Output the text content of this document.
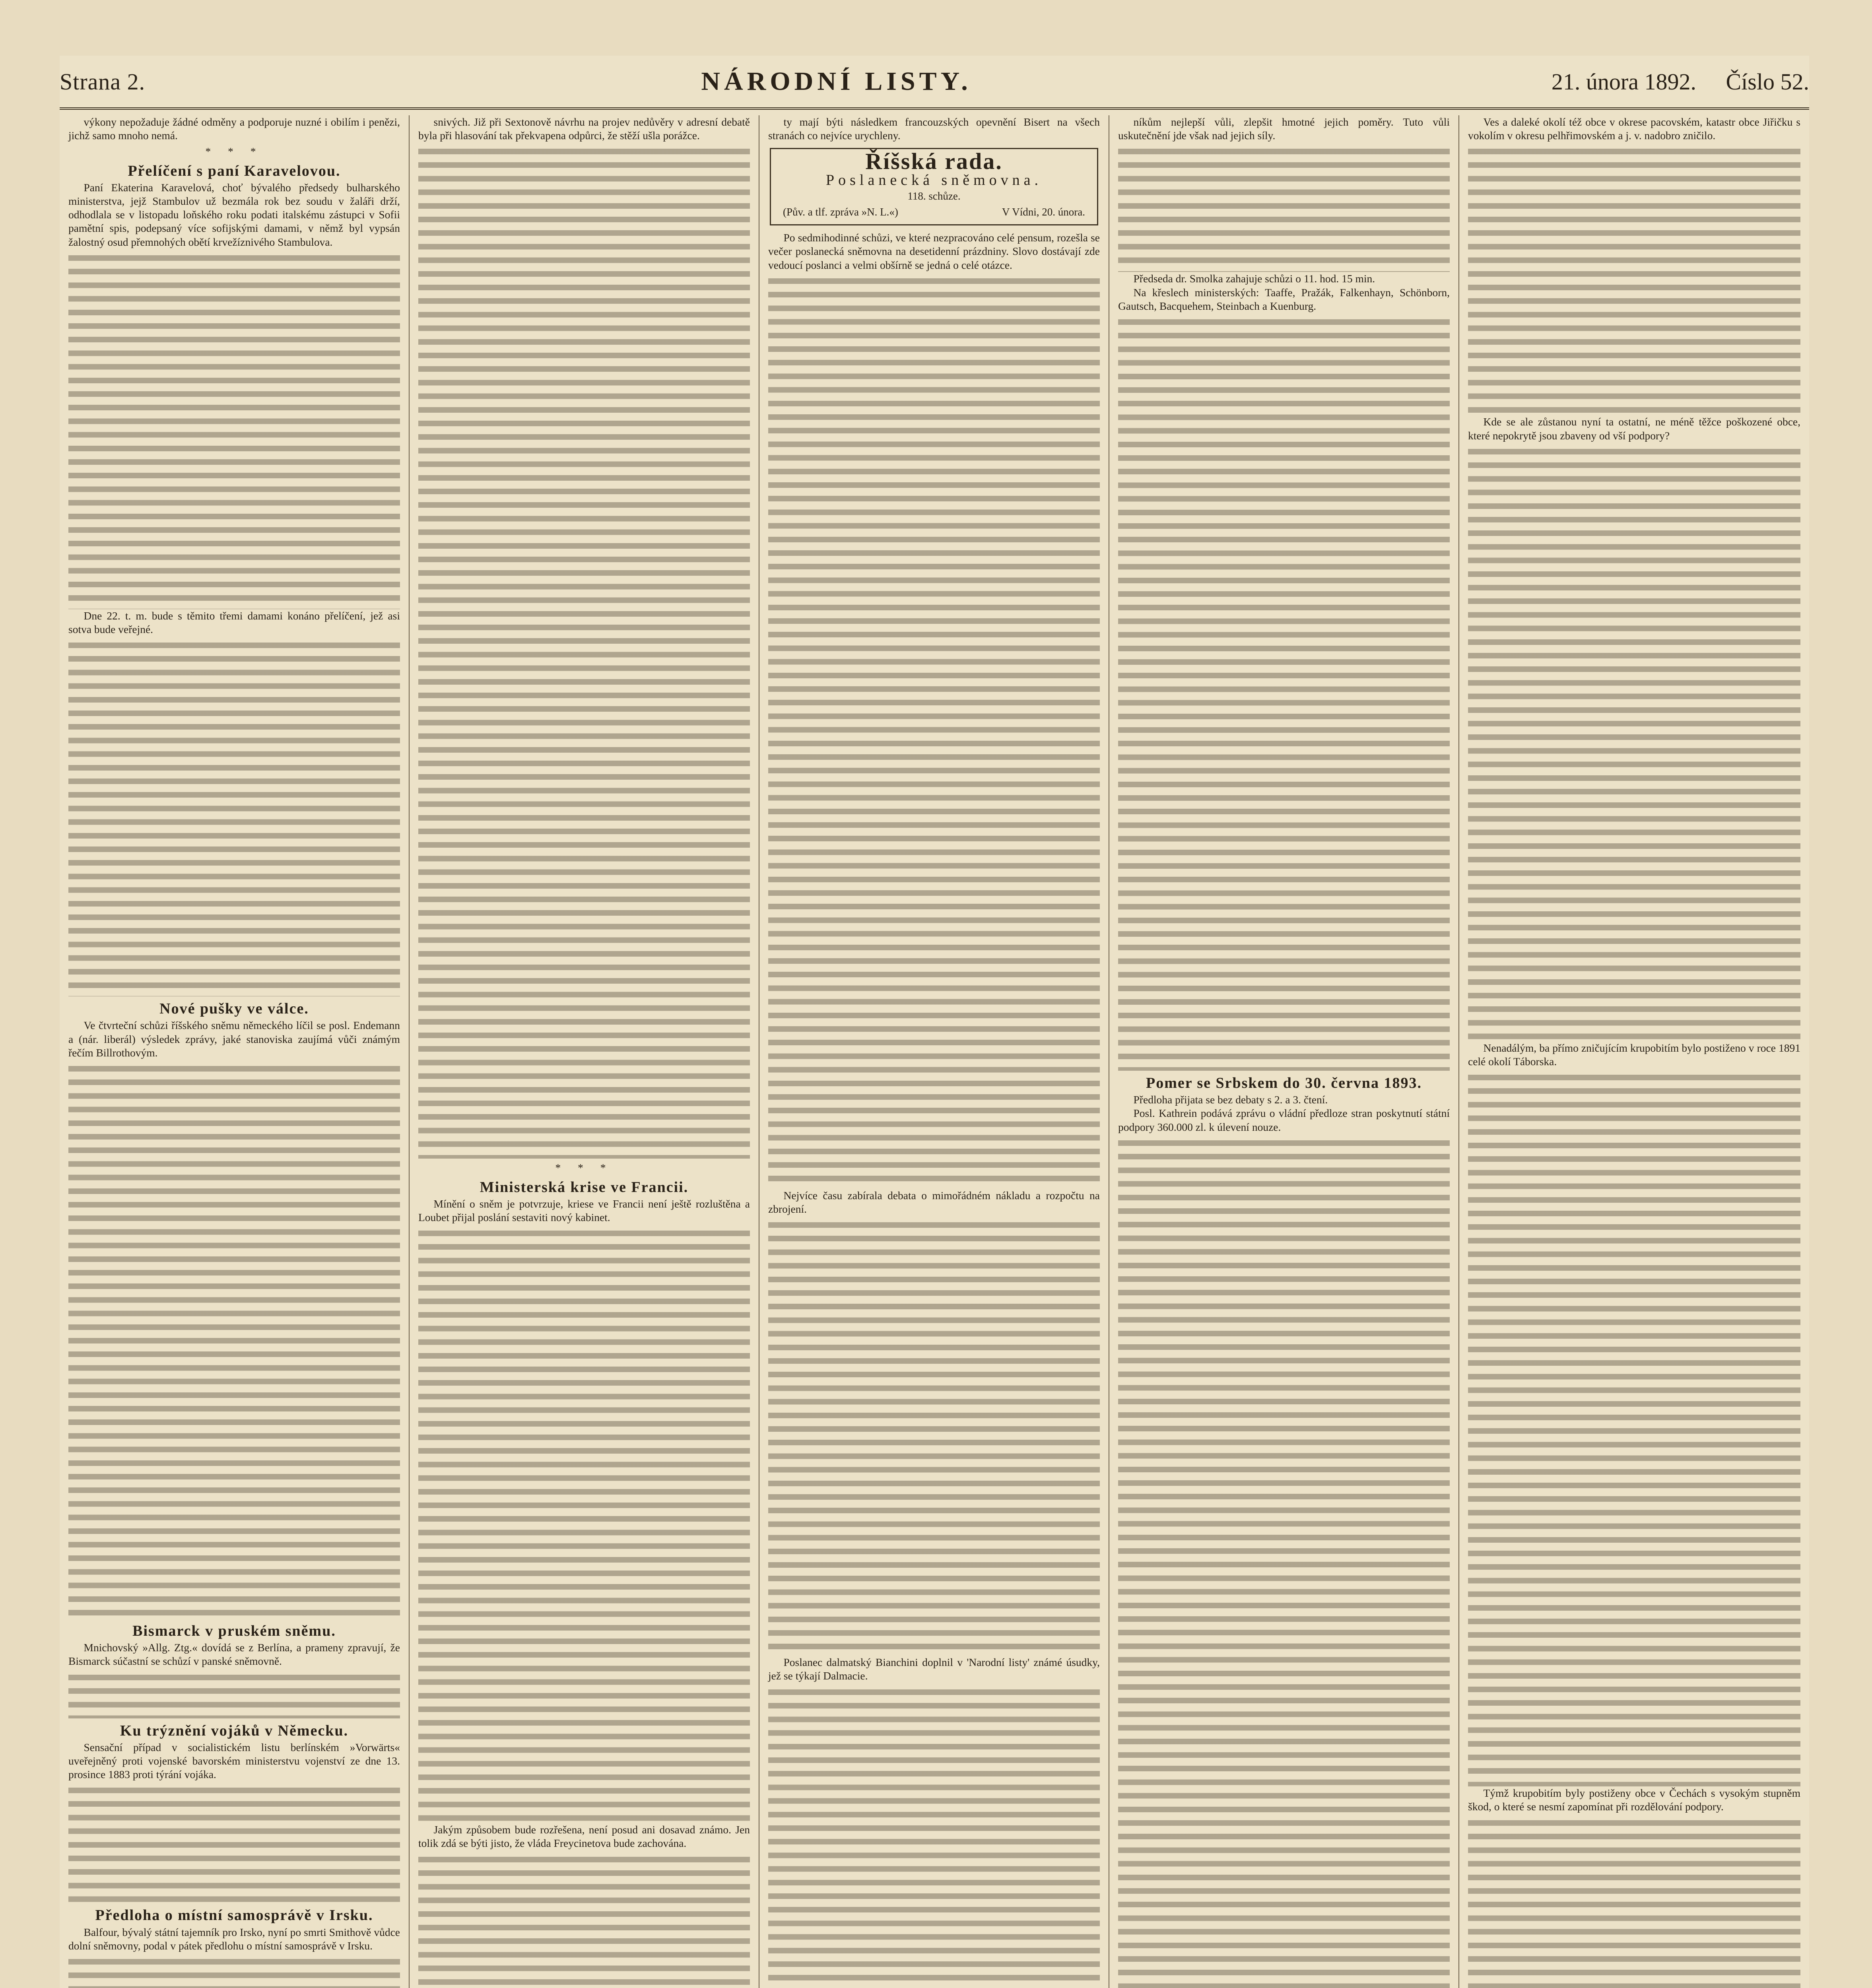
Strana 2.	NÁRODNÍ LISTY.	21. února 1892. Číslo 52.

výkony nepožaduje žádné odměny a podporuje nuzné i obilím i penězi, jichž samo mnoho nemá.

* * *
Přelíčení s paní Karavelovou.

Paní Ekaterina Karavelová, choť bývalého předsedy bulharského ministerstva, jejž Stambulov už bezmála rok bez soudu v žaláři drží, odhodlala se v listopadu loňského roku podati italskému zástupci v Sofii pamětní spis, podepsaný více sofijskými damami, v němž byl vypsán žalostný osud přemnohých obětí krvežíznivého Stambulova.

Dne 22. t. m. bude s těmito třemi damami konáno přelíčení, jež asi sotva bude veřejné.

Nové pušky ve válce.

Ve čtvrteční schůzi říšského sněmu německého líčil se posl. Endemann a (nár. liberál) výsledek zprávy, jaké stanoviska zaujímá vůči známým řečím Billrothovým.

Bismarck v pruském sněmu.

Mnichovský »Allg. Ztg.« dovídá se z Berlína, a prameny zpravují, že Bismarck súčastní se schůzí v panské sněmovně.

Ku trýznění vojáků v Německu.

Sensační případ v socialistickém listu berlínském »Vorwärts« uveřejněný proti vojenské bavorském ministerstvu vojenství ze dne 13. prosince 1883 proti týrání vojáka.

Předloha o místní samosprávě v Irsku.

Balfour, bývalý státní tajemník pro Irsko, nyní po smrti Smithově vůdce dolní sněmovny, podal v pátek předlohu o místní samosprávě v Irsku.

snivých. Již při Sextonově návrhu na projev nedůvěry v adresní debatě byla při hlasování tak překvapena odpůrci, že stěží ušla porážce.

* * *
Ministerská krise ve Francii.

Mínění o sněm je potvrzuje, kriese ve Francii není ještě rozluštěna a Loubet přijal poslání sestaviti nový kabinet.

Jakým způsobem bude rozřešena, není posud ani dosavad známo. Jen tolik zdá se býti jisto, že vláda Freycinetova bude zachována.

ty mají býti následkem francouzských opevnění Bisert na všech stranách co nejvíce urychleny.

Říšská rada.
Poslanecká sněmovna.
118. schůze.
(Pův. a tlf. zpráva »N. L.«)	V Vídni, 20. února.

Po sedmihodinné schůzi, ve které nezpracováno celé pensum, rozešla se večer poslanecká sněmovna na desetidenní prázdniny. Slovo dostávají zde vedoucí poslanci a velmi obšírně se jedná o celé otázce.

Nejvíce času zabírala debata o mimořádném nákladu a rozpočtu na zbrojení.

Poslanec dalmatský Bianchini doplnil v 'Narodní listy' známé úsudky, jež se týkají Dalmacie.

níkům nejlepší vůli, zlepšit hmotné jejich poměry. Tuto vůli uskutečnění jde však nad jejich síly.

Předseda dr. Smolka zahajuje schůzi o 11. hod. 15 min.

Na křeslech ministerských: Taaffe, Pražák, Falkenhayn, Schönborn, Gautsch, Bacquehem, Steinbach a Kuenburg.

Pomer se Srbskem do 30. června 1893.

Předloha přijata se bez debaty s 2. a 3. čtení.

Posl. Kathrein podává zprávu o vládní předloze stran poskytnutí státní podpory 360.000 zl. k úlevení nouze.

Ves a daleké okolí též obce v okrese pacovském, katastr obce Jiřičku s vokolím v okresu pelhřimovském a j. v. nadobro zničilo.

Kde se ale zůstanou nyní ta ostatní, ne méně těžce poškozené obce, které nepokrytě jsou zbaveny od vší podpory?

Nenadálým, ba přímo zničujícím krupobitím bylo postiženo v roce 1891 celé okolí Táborska.

Týmž krupobitím byly postiženy obce v Čechách s vysokým stupněm škod, o které se nesmí zapomínat při rozdělování podpory.
